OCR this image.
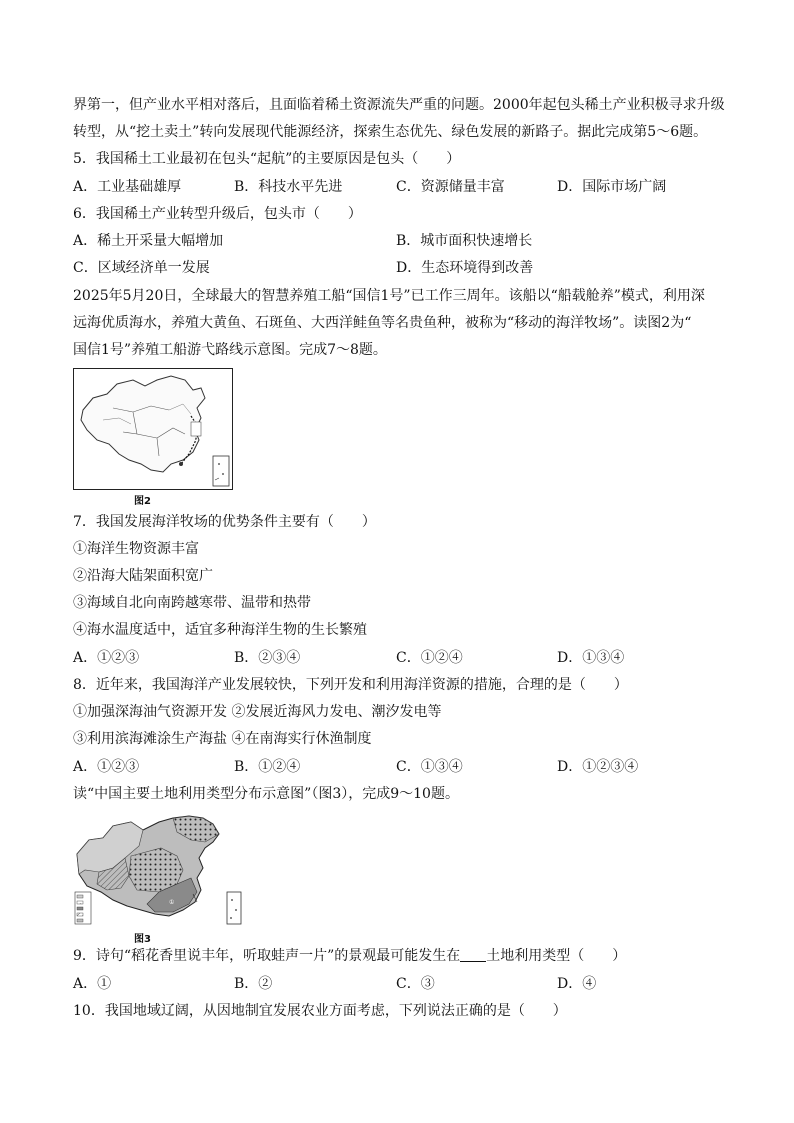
界第一，但产业水平相对落后，且面临着稀土资源流失严重的问题。2000年起包头稀土产业积极寻求升级
转型，从“挖土卖土”转向发展现代能源经济，探索生态优先、绿色发展的新路子。据此完成第5～6题。
5．我国稀土工业最初在包头“起航”的主要原因是包头（　　）
A．工业基础雄厚	B．科技水平先进	C．资源储量丰富	D．国际市场广阔
6．我国稀土产业转型升级后，包头市（　　）
A．稀土开采量大幅增加	B．城市面积快速增长
C．区域经济单一发展	D．生态环境得到改善
2025年5月20日，全球最大的智慧养殖工船“国信1号”已工作三周年。该船以“船载舱养”模式，利用深
远海优质海水，养殖大黄鱼、石斑鱼、大西洋鲑鱼等名贵鱼种，被称为“移动的海洋牧场”。读图2为“
国信1号”养殖工船游弋路线示意图。完成7～8题。
图2
7．我国发展海洋牧场的优势条件主要有（　　）
①海洋生物资源丰富
②沿海大陆架面积宽广
③海域自北向南跨越寒带、温带和热带
④海水温度适中，适宜多种海洋生物的生长繁殖
A．①②③	B．②③④	C．①②④	D．①③④
8．近年来，我国海洋产业发展较快，下列开发和利用海洋资源的措施，合理的是（　　）
①加强深海油气资源开发 ②发展近海风力发电、潮汐发电等
③利用滨海滩涂生产海盐 ④在南海实行休渔制度
A．①②③	B．①②④	C．①③④	D．①②③④
读“中国主要土地利用类型分布示意图”（图3），完成9～10题。
①
图3
9．诗句“稻花香里说丰年，听取蛙声一片”的景观最可能发生在 土地利用类型（　　）
A．①	B．②	C．③	D．④
10．我国地域辽阔，从因地制宜发展农业方面考虑，下列说法正确的是（　　）
